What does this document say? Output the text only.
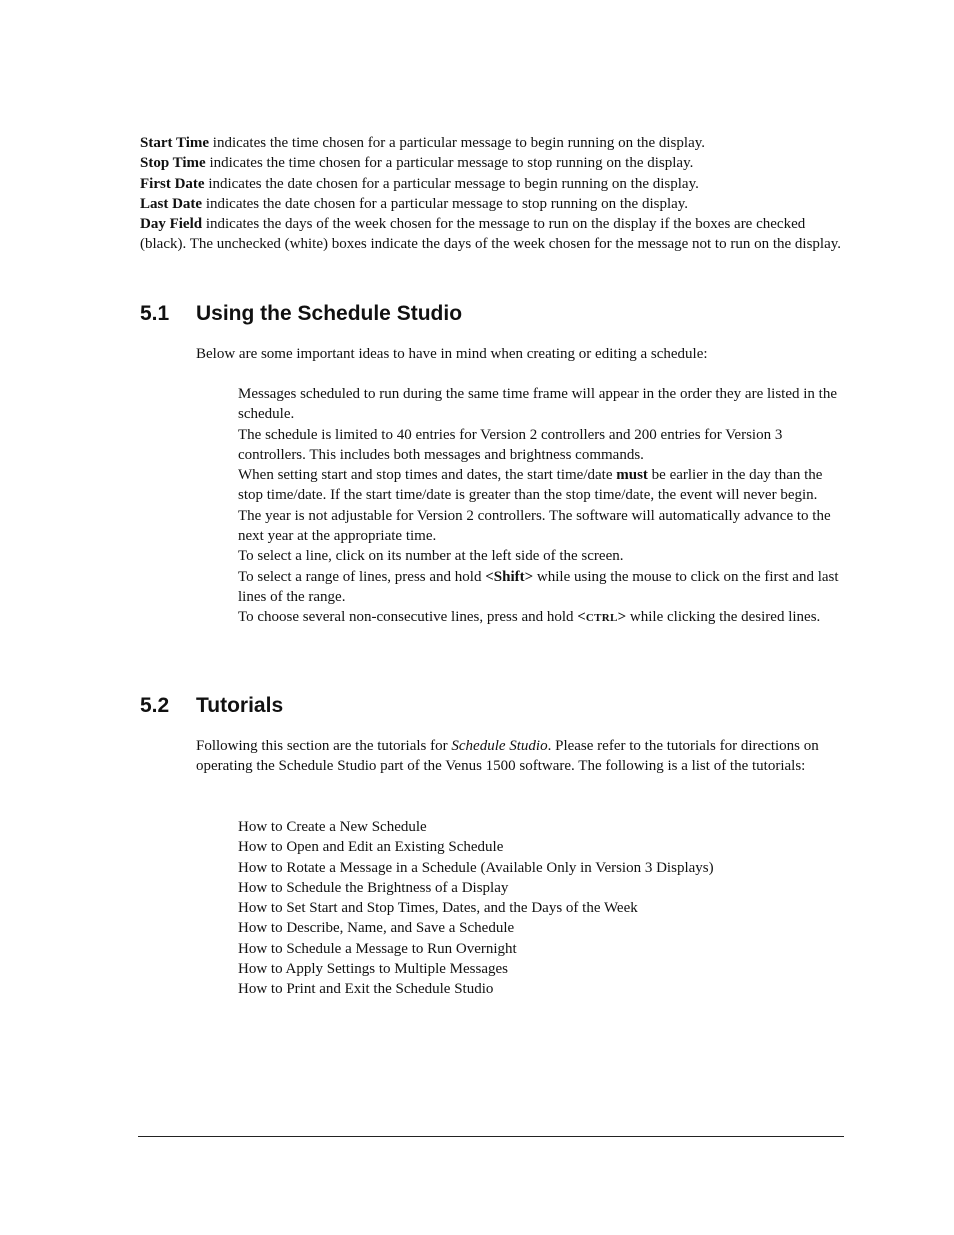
Start Time indicates the time chosen for a particular message to begin running on the display.

Stop Time indicates the time chosen for a particular message to stop running on the display.

First Date indicates the date chosen for a particular message to begin running on the display.

Last Date indicates the date chosen for a particular message to stop running on the display.

Day Field indicates the days of the week chosen for the message to run on the display if the boxes are checked (black). The unchecked (white) boxes indicate the days of the week chosen for the message not to run on the display.

5.1 Using the Schedule Studio

Below are some important ideas to have in mind when creating or editing a schedule:

Messages scheduled to run during the same time frame will appear in the order they are listed in the schedule.
The schedule is limited to 40 entries for Version 2 controllers and 200 entries for Version 3 controllers. This includes both messages and brightness commands.
When setting start and stop times and dates, the start time/date must be earlier in the day than the stop time/date. If the start time/date is greater than the stop time/date, the event will never begin.
The year is not adjustable for Version 2 controllers. The software will automatically advance to the next year at the appropriate time.
To select a line, click on its number at the left side of the screen.
To select a range of lines, press and hold <Shift> while using the mouse to click on the first and last lines of the range.
To choose several non-consecutive lines, press and hold <CTRL> while clicking the desired lines.
5.2 Tutorials

Following this section are the tutorials for Schedule Studio. Please refer to the tutorials for directions on operating the Schedule Studio part of the Venus 1500 software. The following is a list of the tutorials:

How to Create a New Schedule
How to Open and Edit an Existing Schedule
How to Rotate a Message in a Schedule (Available Only in Version 3 Displays)
How to Schedule the Brightness of a Display
How to Set Start and Stop Times, Dates, and the Days of the Week
How to Describe, Name, and Save a Schedule
How to Schedule a Message to Run Overnight
How to Apply Settings to Multiple Messages
How to Print and Exit the Schedule Studio
